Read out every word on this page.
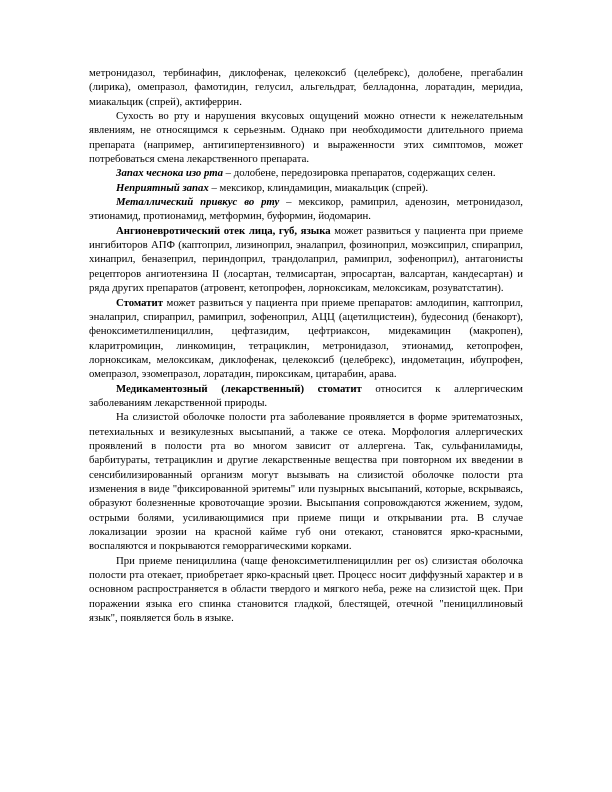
метронидазол, тербинафин, диклофенак, целекоксиб (целебрекс), долобене, прегабалин (лирика), омепразол, фамотидин, гелусил, альгельдрат, белладонна, лоратадин, меридиа, миакальцик (спрей), актиферрин.

Сухость во рту и нарушения вкусовых ощущений можно отнести к нежелательным явлениям, не относящимся к серьезным. Однако при необходимости длительного приема препарата (например, антигипертензивного) и выраженности этих симптомов, может потребоваться смена лекарственного препарата.

Запах чеснока изо рта – долобене, передозировка препаратов, содержащих селен.

Неприятный запах – мексикор, клиндамицин, миакальцик (спрей).

Металлический привкус во рту – мексикор, рамиприл, аденозин, метронидазол, этионамид, протионамид, метформин, буформин, йодомарин.

Ангионевротический отек лица, губ, языка может развиться у пациента при приеме ингибиторов АПФ (каптоприл, лизиноприл, эналаприл, фозиноприл, моэксиприл, спираприл, хинаприл, беназеприл, периндоприл, трандолаприл, рамиприл, зофеноприл), антагонисты рецепторов ангиотензина II (лосартан, телмисартан, эпросартан, валсартан, кандесартан) и ряда других препаратов (атровент, кетопрофен, лорноксикам, мелоксикам, розуватстатин).

Стоматит может развиться у пациента при приеме препаратов: амлодипин, каптоприл, эналаприл, спираприл, рамиприл, зофеноприл, АЦЦ (ацетилцистеин), будесонид (бенакорт), феноксиметилпенициллин, цефтазидим, цефтриаксон, мидекамицин (макропен), кларитромицин, линкомицин, тетрациклин, метронидазол, этионамид, кетопрофен, лорноксикам, мелоксикам, диклофенак, целекоксиб (целебрекс), индометацин, ибупрофен, омепразол, эзомепразол, лоратадин, пироксикам, цитарабин, арава.

Медикаментозный (лекарственный) стоматит относится к аллергическим заболеваниям лекарственной природы.

На слизистой оболочке полости рта заболевание проявляется в форме эритематозных, петехиальных и везикулезных высыпаний, а также се отека. Морфология аллергических проявлений в полости рта во многом зависит от аллергена. Так, сульфаниламиды, барбитураты, тетрациклин и другие лекарственные вещества при повторном их введении в сенсибилизированный организм могут вызывать на слизистой оболочке полости рта изменения в виде "фиксированной эритемы" или пузырных высыпаний, которые, вскрываясь, образуют болезненные кровоточащие эрозии. Высыпания сопровождаются жжением, зудом, острыми болями, усиливающимися при приеме пищи и открывании рта. В случае локализации эрозии на красной кайме губ они отекают, становятся ярко-красными, воспаляются и покрываются геморрагическими корками.

При приеме пенициллина (чаще феноксиметилпенициллин per os) слизистая оболочка полости рта отекает, приобретает ярко-красный цвет. Процесс носит диффузный характер и в основном распространяется в области твердого и мягкого неба, реже на слизистой щек. При поражении языка его спинка становится гладкой, блестящей, отечной "пенициллиновый язык", появляется боль в языке.
